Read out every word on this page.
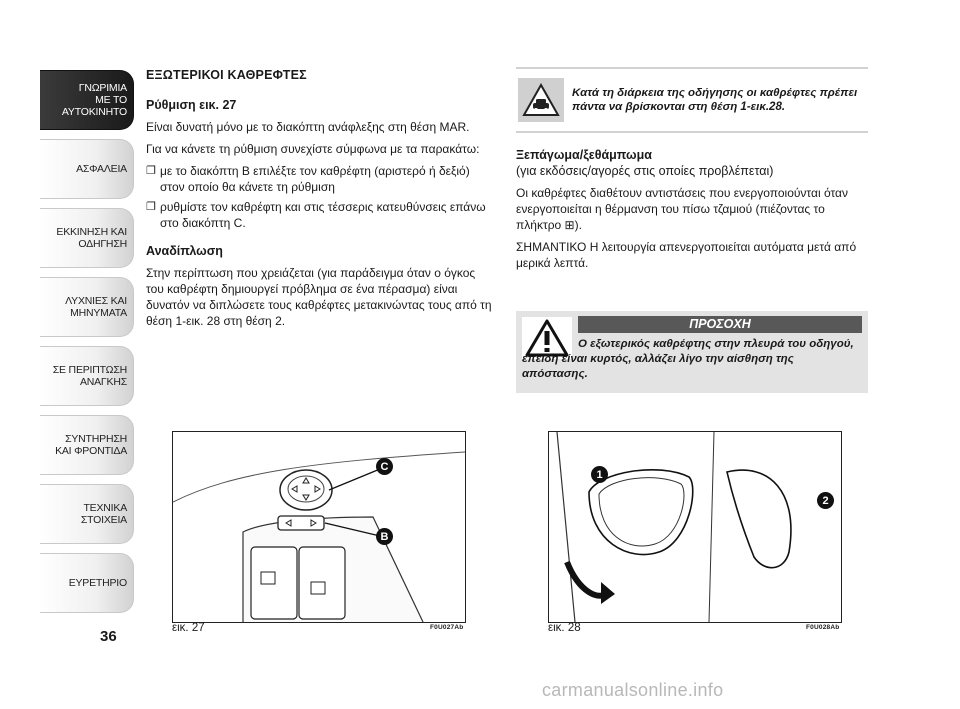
ΓΝΩΡΙΜΙΑ
ΜΕ ΤΟ
ΑΥΤΟΚΙΝΗΤΟ
ΑΣΦΑΛΕΙΑ
ΕΚΚΙΝΗΣΗ ΚΑΙ
ΟΔΗΓΗΣΗ
ΛΥΧΝΙΕΣ ΚΑΙ
ΜΗΝΥΜΑΤΑ
ΣΕ ΠΕΡΙΠΤΩΣΗ
ΑΝΑΓΚΗΣ
ΣΥΝΤΗΡΗΣΗ
ΚΑΙ ΦΡΟΝΤΙΔΑ
ΤΕΧΝΙΚΑ
ΣΤΟΙΧΕΙΑ
ΕΥΡΕΤΗΡΙΟ
36
ΕΞΩΤΕΡΙΚΟΙ ΚΑΘΡΕΦΤΕΣ
Ρύθμιση εικ. 27
Είναι δυνατή μόνο με το διακόπτη ανάφλεξης στη θέση MAR.
Για να κάνετε τη ρύθμιση συνεχίστε σύμφωνα με τα παρακάτω:
❐ με το διακόπτη B επιλέξτε τον καθρέφτη (αριστερό ή δεξιό) στον οποίο θα κάνετε τη ρύθμιση
❐ ρυθμίστε τον καθρέφτη και στις τέσσερις κατευθύνσεις επάνω στο διακόπτη C.
Αναδίπλωση
Στην περίπτωση που χρειάζεται (για παράδειγμα όταν ο όγκος του καθρέφτη δημιουργεί πρόβλημα σε ένα πέρασμα) είναι δυνατόν να διπλώσετε τους καθρέφτες μετακινώντας τους από τη θέση 1-εικ. 28 στη θέση 2.
Κατά τη διάρκεια της οδήγησης οι καθρέφτες πρέπει πάντα να βρίσκονται στη θέση 1-εικ.28.
Ξεπάγωμα/ξεθάμπωμα
(για εκδόσεις/αγορές στις οποίες προβλέπεται)
Οι καθρέφτες διαθέτουν αντιστάσεις που ενεργοποιούνται όταν ενεργοποιείται η θέρμανση του πίσω τζαμιού (πιέζοντας το πλήκτρο ⊞).
ΣΗΜΑΝΤΙΚΟ Η λειτουργία απενεργοποιείται αυτόματα μετά από μερικά λεπτά.
ΠΡΟΣΟΧΗ
Ο εξωτερικός καθρέφτης στην πλευρά του οδηγού, επειδή είναι κυρτός, αλλάζει λίγο την αίσθηση της απόστασης.
C
B
εικ. 27	F0U027Ab
1
2
εικ. 28	F0U028Ab
carmanualsonline.info
